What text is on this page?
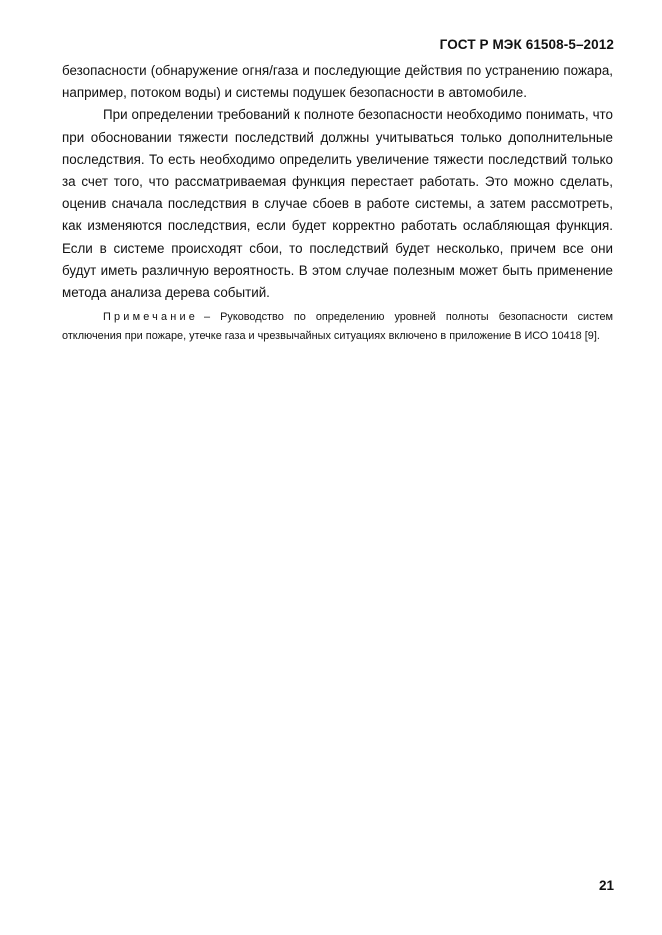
ГОСТ Р МЭК 61508-5–2012

безопасности (обнаружение огня/газа и последующие действия по устранению пожара, например, потоком воды) и системы подушек безопасности в автомобиле.

При определении требований к полноте безопасности необходимо понимать, что при обосновании тяжести последствий должны учитываться только дополнительные последствия. То есть необходимо определить увеличение тяжести последствий только за счет того, что рассматриваемая функция перестает работать. Это можно сделать, оценив сначала последствия в случае сбоев в работе системы, а затем рассмотреть, как изменяются последствия, если будет корректно работать ослабляющая функция. Если в системе происходят сбои, то последствий будет несколько, причем все они будут иметь различную вероятность. В этом случае полезным может быть применение метода анализа дерева событий.

Примечание – Руководство по определению уровней полноты безопасности систем отключения при пожаре, утечке газа и чрезвычайных ситуациях включено в приложение В ИСО 10418 [9].

21
